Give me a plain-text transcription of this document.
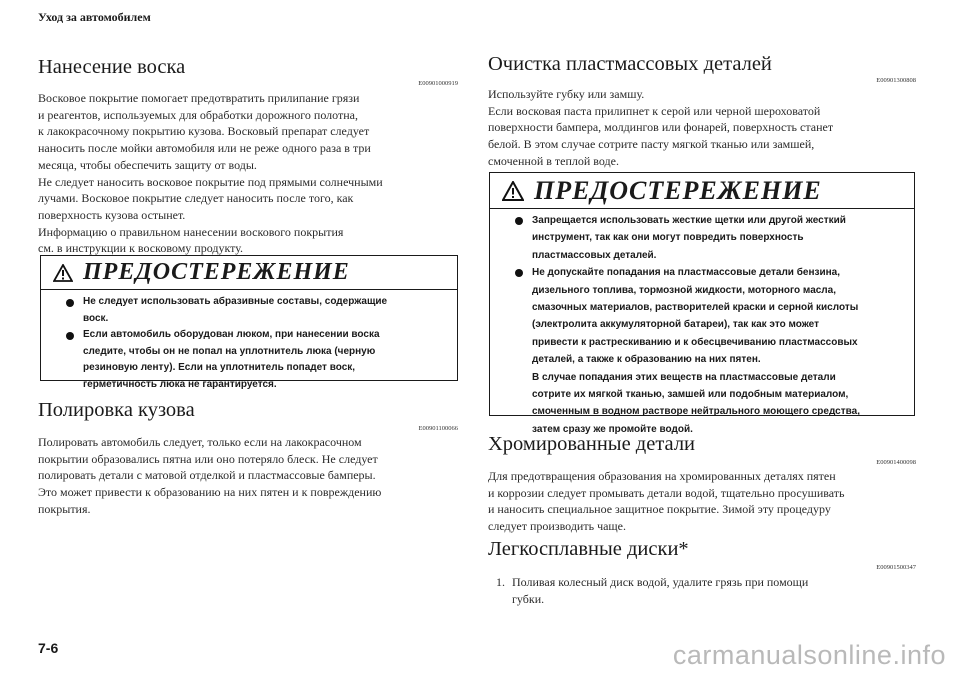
Уход за автомобилем
Нанесение воска
E00901000919

Восковое покрытие помогает предотвратить прилипание грязи

и реагентов, используемых для обработки дорожного полотна,

к лакокрасочному покрытию кузова. Восковый препарат следует

наносить после мойки автомобиля или не реже одного раза в три

месяца, чтобы обеспечить защиту от воды.

Не следует наносить восковое покрытие под прямыми солнечными

лучами. Восковое покрытие следует наносить после того, как

поверхность кузова остынет.

Информацию о правильном нанесении воскового покрытия

см. в инструкции к восковому продукту.

Полировка кузова
E00901100066

Полировать автомобиль следует, только если на лакокрасочном

покрытии образовались пятна или оно потеряло блеск. Не следует

полировать детали с матовой отделкой и пластмассовые бамперы.

Это может привести к образованию на них пятен и к повреждению

покрытия.

ПРЕДОСТЕРЕЖЕНИЕ
Не следует использовать абразивные составы, содержащие
воск.
Если автомобиль оборудован люком, при нанесении воска
следите, чтобы он не попал на уплотнитель люка (черную
резиновую ленту). Если на уплотнитель попадет воск,
герметичность люка не гарантируется.
Очистка пластмассовых деталей
E00901300808

Используйте губку или замшу.

Если восковая паста прилипнет к серой или черной шероховатой

поверхности бампера, молдингов или фонарей, поверхность станет

белой. В этом случае сотрите пасту мягкой тканью или замшей,

смоченной в теплой воде.

Хромированные детали
E00901400098

Для предотвращения образования на хромированных деталях пятен

и коррозии следует промывать детали водой, тщательно просушивать

и наносить специальное защитное покрытие. Зимой эту процедуру

следует производить чаще.

Легкосплавные диски*
E00901500347
1. Поливая колесный диск водой, удалите грязь при помощи

губки.

ПРЕДОСТЕРЕЖЕНИЕ
Запрещается использовать жесткие щетки или другой жесткий
инструмент, так как они могут повредить поверхность
пластмассовых деталей.
Не допускайте попадания на пластмассовые детали бензина,
дизельного топлива, тормозной жидкости, моторного масла,
смазочных материалов, растворителей краски и серной кислоты
(электролита аккумуляторной батареи), так как это может
привести к растрескиванию и к обесцвечиванию пластмассовых
деталей, а также к образованию на них пятен.
В случае попадания этих веществ на пластмассовые детали
сотрите их мягкой тканью, замшей или подобным материалом,
смоченным в водном растворе нейтрального моющего средства,
затем сразу же промойте водой.
7-6	carmanualsonline.info
